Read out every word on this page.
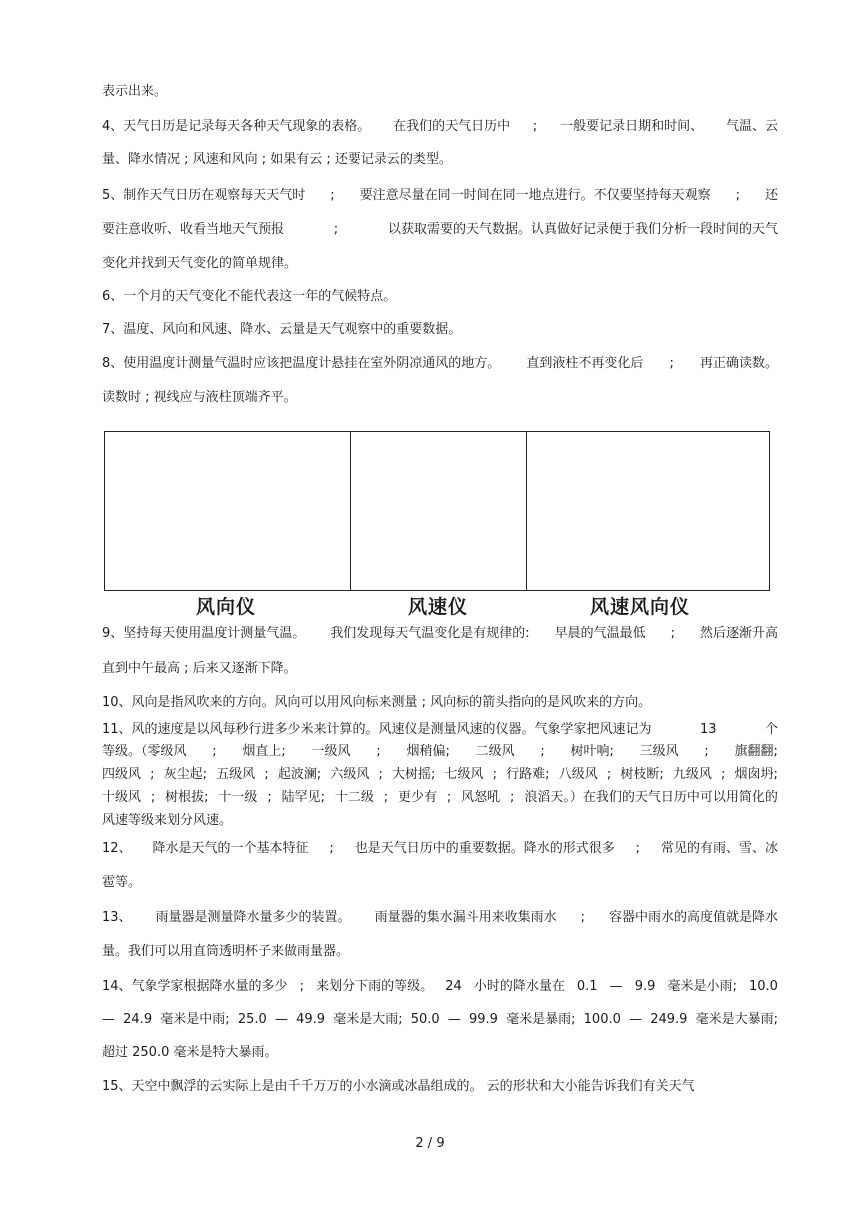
表示出来。
4、天气日历是记录每天各种天气现象的表格。 在我们的天气日历中 ; 一般要记录日期和时间、 气温、云
量、降水情况 ; 风速和风向 ; 如果有云 ; 还要记录云的类型。
5、制作天气日历在观察每天天气时 ; 要注意尽量在同一时间在同一地点进行。不仅要坚持每天观察 ; 还
要注意收听、收看当地天气预报	;	以获取需要的天气数据。认真做好记录便于我们分析一段时间的天气
变化并找到天气变化的简单规律。
6、一个月的天气变化不能代表这一年的气候特点。
7、温度、风向和风速、降水、云量是天气观察中的重要数据。
8、使用温度计测量气温时应该把温度计悬挂在室外阴凉通风的地方。 直到液柱不再变化后 ; 再正确读数。
读数时 ; 视线应与液柱顶端齐平。
9、坚持每天使用温度计测量气温。 我们发现每天气温变化是有规律的: 早晨的气温最低 ; 然后逐渐升高
直到中午最高 ; 后来又逐渐下降。
10、风向是指风吹来的方向。风向可以用风向标来测量 ; 风向标的箭头指向的是风吹来的方向。
11、风的速度是以风每秒行进多少米来计算的。风速仪是测量风速的仪器。气象学家把风速记为	13	个
等级。（零级风 ; 烟直上; 一级风 ; 烟稍偏; 二级风 ; 树叶响; 三级风 ; 旗翻翻;
四级风 ; 灰尘起; 五级风 ; 起波澜; 六级风 ; 大树摇; 七级风 ; 行路难; 八级风 ; 树枝断; 九级风 ; 烟囱坍;
十级风 ; 树根拔; 十一级 ; 陆罕见; 十二级 ; 更少有 ; 风怒吼 ; 浪滔天。）在我们的天气日历中可以用简化的
风速等级来划分风速。
12、 降水是天气的一个基本特征 ; 也是天气日历中的重要数据。降水的形式很多 ; 常见的有雨、雪、冰
雹等。
13、 雨量器是测量降水量多少的装置。 雨量器的集水漏斗用来收集雨水 ; 容器中雨水的高度值就是降水
量。我们可以用直筒透明杯子来做雨量器。
14、气象学家根据降水量的多少 ; 来划分下雨的等级。 24 小时的降水量在 0.1 — 9.9 毫米是小雨; 10.0
— 24.9 毫米是中雨; 25.0 — 49.9 毫米是大雨; 50.0 — 99.9 毫米是暴雨; 100.0 — 249.9 毫米是大暴雨;
超过 250.0 毫米是特大暴雨。
15、天空中飘浮的云实际上是由千千万万的小水滴或冰晶组成的。 云的形状和大小能告诉我们有关天气
风向仪	风速仪	风速风向仪
2 / 9
